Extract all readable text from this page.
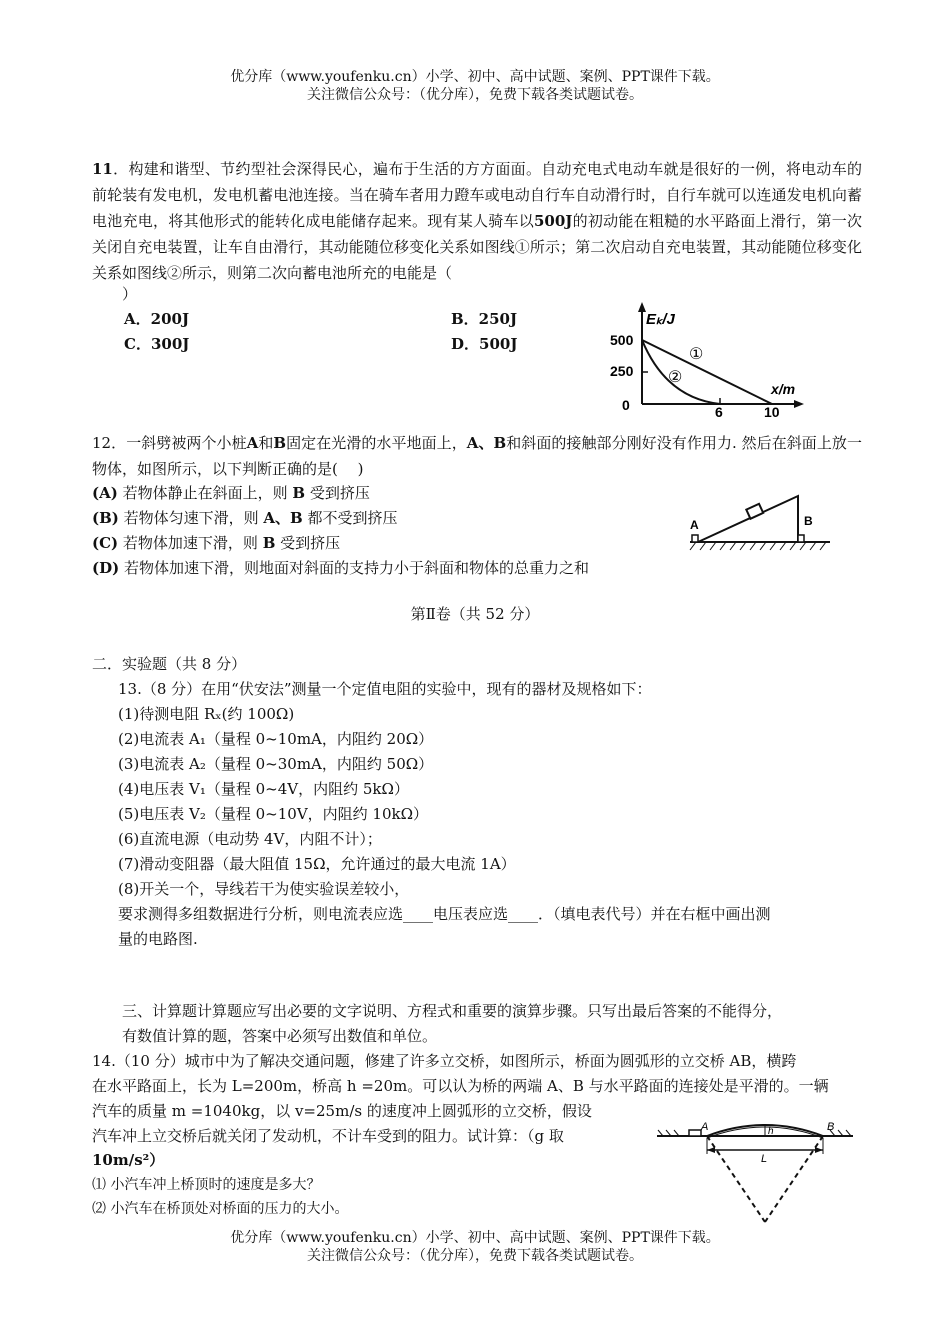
优分库（www.youfenku.cn）小学、初中、高中试题、案例、PPT课件下载。
关注微信公众号：（优分库），免费下载各类试题试卷。
11．构建和谐型、节约型社会深得民心，遍布于生活的方方面面。自动充电式电动车就是很好的一例，将电动车的前轮装有发电机，发电机蓄电池连接。当在骑车者用力蹬车或电动自行车自动滑行时，自行车就可以连通发电机向蓄电池充电，将其他形式的能转化成电能储存起来。现有某人骑车以500J的初动能在粗糙的水平路面上滑行，第一次关闭自充电装置，让车自由滑行，其动能随位移变化关系如图线①所示；第二次启动自充电装置，其动能随位移变化关系如图线②所示，则第二次向蓄电池所充的电能是（
）
A．200J	B．250J
C．300J	D．500J
Eₖ/J
x/m
500
250
0	6	10
①
②
12．一斜劈被两个小桩A和B固定在光滑的水平地面上，A、B和斜面的接触部分刚好没有作用力. 然后在斜面上放一物体，如图所示，以下判断正确的是(　 )
(A) 若物体静止在斜面上，则 B 受到挤压
(B) 若物体匀速下滑，则 A、B 都不受到挤压
(C) 若物体加速下滑，则 B 受到挤压
(D) 若物体加速下滑，则地面对斜面的支持力小于斜面和物体的总重力之和
A	B
第Ⅱ卷（共 52 分）
二．实验题（共 8 分）
13.（8 分）在用“伏安法”测量一个定值电阻的实验中，现有的器材及规格如下：
(1)待测电阻 Rₓ(约 100Ω)
(2)电流表 A₁（量程 0~10mA，内阻约 20Ω）
(3)电流表 A₂（量程 0~30mA，内阻约 50Ω）
(4)电压表 V₁（量程 0~4V，内阻约 5kΩ）
(5)电压表 V₂（量程 0~10V，内阻约 10kΩ）
(6)直流电源（电动势 4V，内阻不计）；
(7)滑动变阻器（最大阻值 15Ω，允许通过的最大电流 1A）
(8)开关一个，导线若干为使实验误差较小，
要求测得多组数据进行分析，则电流表应选____电压表应选____．（填电表代号）并在右框中画出测
量的电路图.
三、计算题计算题应写出必要的文字说明、方程式和重要的演算步骤。只写出最后答案的不能得分，
有数值计算的题，答案中必须写出数值和单位。
14.（10 分）城市中为了解决交通问题，修建了许多立交桥，如图所示，桥面为圆弧形的立交桥 AB，横跨
在水平路面上，长为 L=200m，桥高 h =20m。可以认为桥的两端 A、B 与水平路面的连接处是平滑的。一辆
汽车的质量 m =1040kg，以 v=25m/s 的速度冲上圆弧形的立交桥，假设
汽车冲上立交桥后就关闭了发动机，不计车受到的阻力。试计算：（g 取
10m/s²）
⑴ 小汽车冲上桥顶时的速度是多大？
⑵ 小汽车在桥顶处对桥面的压力的大小。
A	B
h
L
优分库（www.youfenku.cn）小学、初中、高中试题、案例、PPT课件下载。
关注微信公众号：（优分库），免费下载各类试题试卷。
